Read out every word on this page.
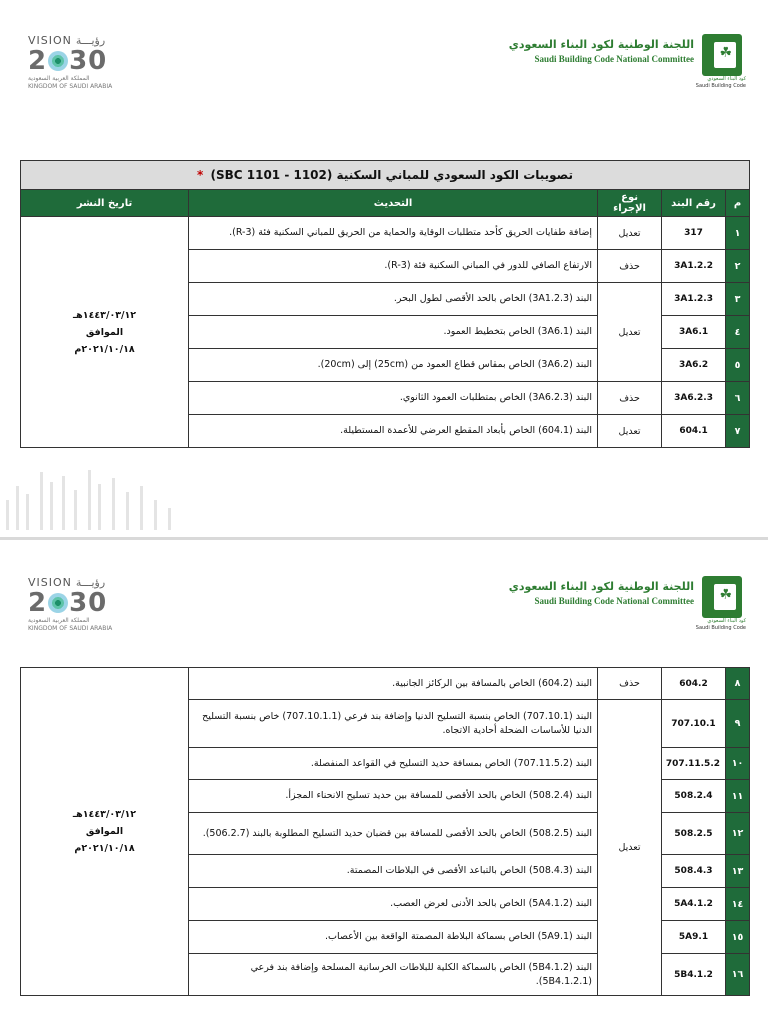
VISION رؤيـــة
2 30
المملكة العربية السعودية
KINGDOM OF SAUDI ARABIA
☘
كود البناء السعودي
Saudi Building Code
اللجنة الوطنية لكود البناء السعودي
Saudi Building Code National Committee
تصويبات الكود السعودي للمباني السكنية (SBC 1101 - 1102) *				
م	رقم البند	نوع الإجراء	التحديث	تاريخ النشر
١	317	تعديل	إضافة طفايات الحريق كأحد متطلبات الوقاية والحماية من الحريق للمباني السكنية فئة (R-3).	١٤٤٣/٠٣/١٢هـ
الموافق
٢٠٢١/١٠/١٨م

٢	3A1.2.2	حذف	الارتفاع الصافي للدور في المباني السكنية فئة (R-3).	
٣	3A1.2.3	تعديل	البند (3A1.2.3) الخاص بالحد الأقصى لطول البحر.	
٤	3A6.1		البند (3A6.1) الخاص بتخطيط العمود.	
٥	3A6.2		البند (3A6.2) الخاص بمقاس قطاع العمود من (25cm) إلى (20cm).	
٦	3A6.2.3	حذف	البند (3A6.2.3) الخاص بمتطلبات العمود الثانوي.	
٧	604.1	تعديل	البند (604.1) الخاص بأبعاد المقطع العرضي للأعمدة المستطيلة.	
VISION رؤيـــة
2 30
المملكة العربية السعودية
KINGDOM OF SAUDI ARABIA
☘
كود البناء السعودي
Saudi Building Code
اللجنة الوطنية لكود البناء السعودي
Saudi Building Code National Committee
٨	604.2	حذف	البند (604.2) الخاص بالمسافة بين الركائز الجانبية.	١٤٤٣/٠٣/١٢هـ
الموافق
٢٠٢١/١٠/١٨م

٩	707.10.1	تعديل	البند (707.10.1) الخاص بنسبة التسليح الدنيا وإضافة بند فرعي (707.10.1.1) خاص بنسبة التسليح الدنيا للأساسات الضحلة أحادية الاتجاه.	
١٠	707.11.5.2		البند (707.11.5.2) الخاص بمسافة حديد التسليح في القواعد المنفصلة.	
١١	508.2.4		البند (508.2.4) الخاص بالحد الأقصى للمسافة بين حديد تسليح الانحناء المجزأ.	
١٢	508.2.5		البند (508.2.5) الخاص بالحد الأقصى للمسافة بين قضبان حديد التسليح المطلوبة بالبند (506.2.7).	
١٣	508.4.3		البند (508.4.3) الخاص بالتباعد الأقصى في البلاطات المصمتة.	
١٤	5A4.1.2		البند (5A4.1.2) الخاص بالحد الأدنى لعرض العصب.	
١٥	5A9.1		البند (5A9.1) الخاص بسماكة البلاطة المصمتة الواقعة بين الأعصاب.	
١٦	5B4.1.2		البند (5B4.1.2) الخاص بالسماكة الكلية للبلاطات الخرسانية المسلحة وإضافة بند فرعي (5B4.1.2.1).	
